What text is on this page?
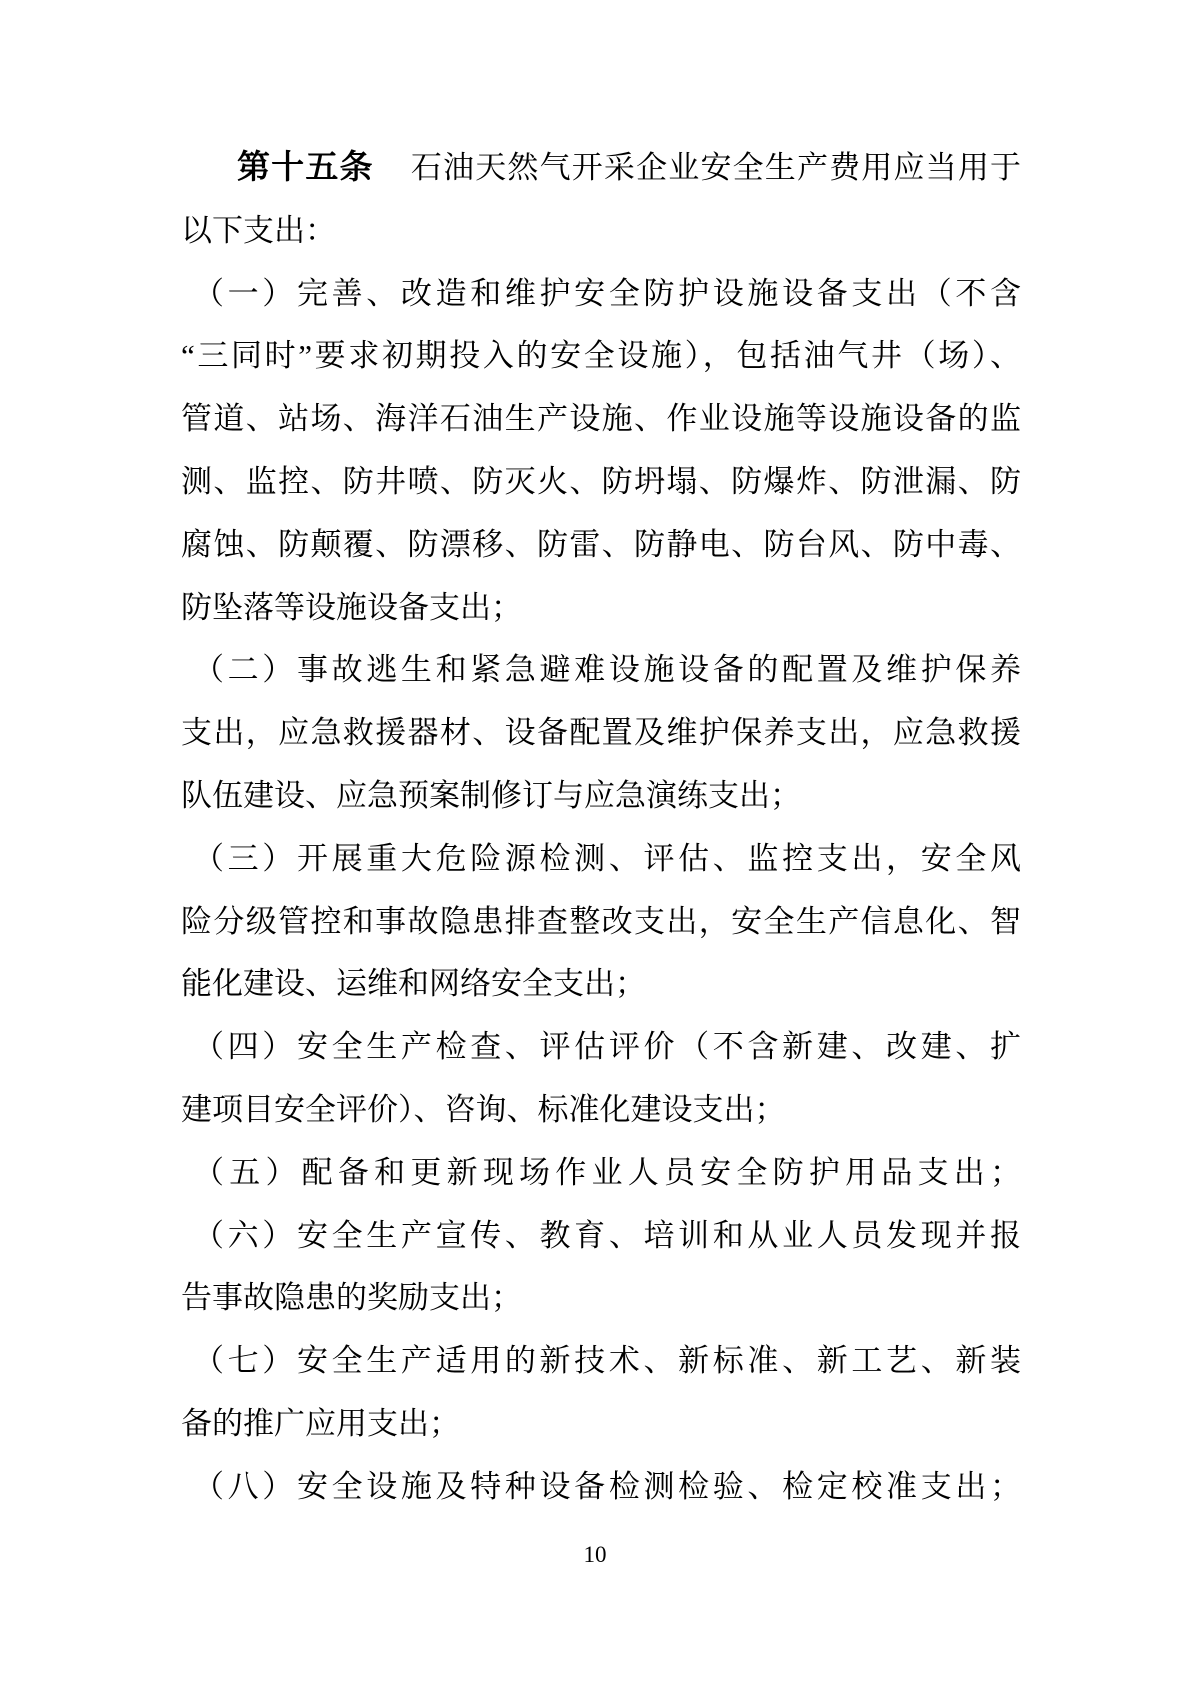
第十五条 石油天然气开采企业安全生产费用应当用于
以下支出：
（一）完善、改造和维护安全防护设施设备支出（不含
“三同时”要求初期投入的安全设施），包括油气井（场）、
管道、站场、海洋石油生产设施、作业设施等设施设备的监
测、监控、防井喷、防灭火、防坍塌、防爆炸、防泄漏、防
腐蚀、防颠覆、防漂移、防雷、防静电、防台风、防中毒、
防坠落等设施设备支出；
（二）事故逃生和紧急避难设施设备的配置及维护保养
支出，应急救援器材、设备配置及维护保养支出，应急救援
队伍建设、应急预案制修订与应急演练支出；
（三）开展重大危险源检测、评估、监控支出，安全风
险分级管控和事故隐患排查整改支出，安全生产信息化、智
能化建设、运维和网络安全支出；
（四）安全生产检查、评估评价（不含新建、改建、扩
建项目安全评价）、咨询、标准化建设支出；
（五）配备和更新现场作业人员安全防护用品支出；
（六）安全生产宣传、教育、培训和从业人员发现并报
告事故隐患的奖励支出；
（七）安全生产适用的新技术、新标准、新工艺、新装
备的推广应用支出；
（八）安全设施及特种设备检测检验、检定校准支出；
10
